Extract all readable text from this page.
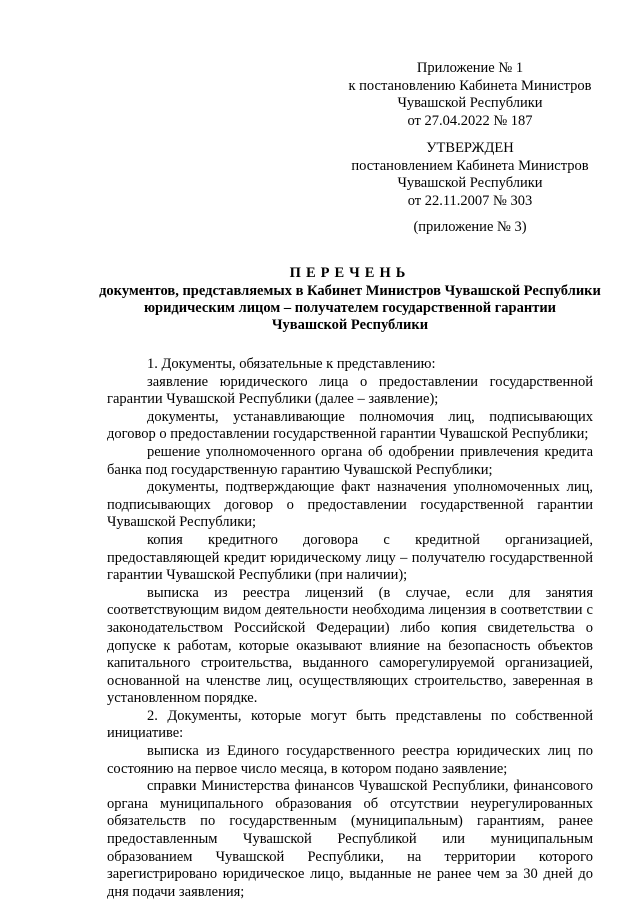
Приложение № 1
к постановлению Кабинета Министров
Чувашской Республики
от 27.04.2022 № 187
УТВЕРЖДЕН
постановлением Кабинета Министров
Чувашской Республики
от 22.11.2007 № 303
(приложение № 3)
ПЕРЕЧЕНЬ
документов, представляемых в Кабинет Министров Чувашской Республики
юридическим лицом – получателем государственной гарантии
Чувашской Республики

1. Документы, обязательные к представлению:

заявление юридического лица о предоставлении государственной гарантии Чувашской Республики (далее – заявление);

документы, устанавливающие полномочия лиц, подписывающих договор о предоставлении государственной гарантии Чувашской Республики;

решение уполномоченного органа об одобрении привлечения кредита банка под государственную гарантию Чувашской Республики;

документы, подтверждающие факт назначения уполномоченных лиц, подписывающих договор о предоставлении государственной гарантии Чувашской Республики;

копия кредитного договора с кредитной организацией, предоставляющей кредит юридическому лицу – получателю государственной гарантии Чувашской Республики (при наличии);

выписка из реестра лицензий (в случае, если для занятия соответствующим видом деятельности необходима лицензия в соответствии с законодательством Российской Федерации) либо копия свидетельства о допуске к работам, которые оказывают влияние на безопасность объектов капитального строительства, выданного саморегулируемой организацией, основанной на членстве лиц, осуществляющих строительство, заверенная в установленном порядке.

2. Документы, которые могут быть представлены по собственной инициативе:

выписка из Единого государственного реестра юридических лиц по состоянию на первое число месяца, в котором подано заявление;

справки Министерства финансов Чувашской Республики, финансового органа муниципального образования об отсутствии неурегулированных обязательств по государственным (муниципальным) гарантиям, ранее предоставленным Чувашской Республикой или муниципальным образованием Чувашской Республики, на территории которого зарегистрировано юридическое лицо, выданные не ранее чем за 30 дней до дня подачи заявления;
